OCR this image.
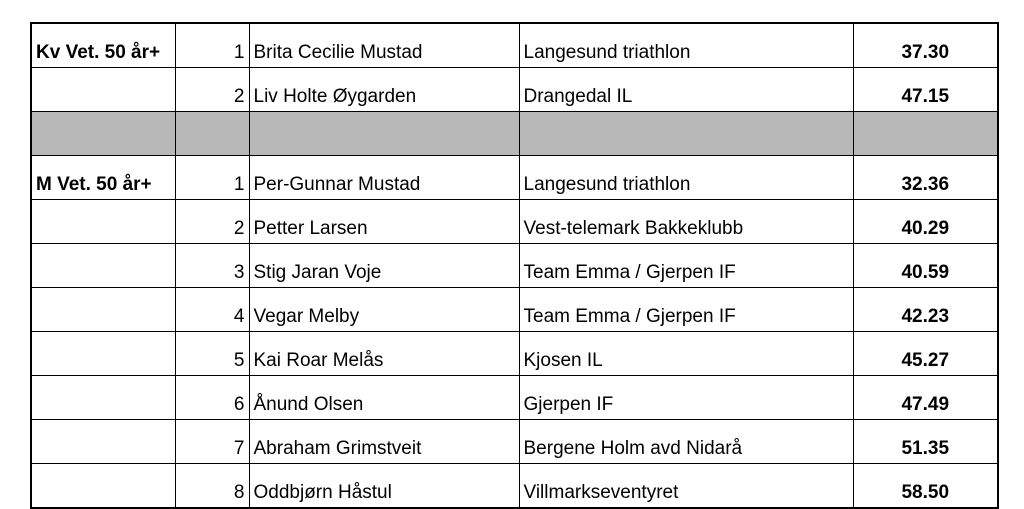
Kv Vet. 50 år+	1	Brita Cecilie Mustad	Langesund triathlon	37.30
	2	Liv Holte Øygarden	Drangedal IL	47.15

M Vet. 50 år+	1	Per-Gunnar Mustad	Langesund triathlon	32.36
	2	Petter Larsen	Vest-telemark Bakkeklubb	40.29
	3	Stig Jaran Voje	Team Emma / Gjerpen IF	40.59
	4	Vegar Melby	Team Emma / Gjerpen IF	42.23
	5	Kai Roar Melås	Kjosen IL	45.27
	6	Ånund Olsen	Gjerpen IF	47.49
	7	Abraham Grimstveit	Bergene Holm avd Nidarå	51.35
	8	Oddbjørn Håstul	Villmarkseventyret	58.50
